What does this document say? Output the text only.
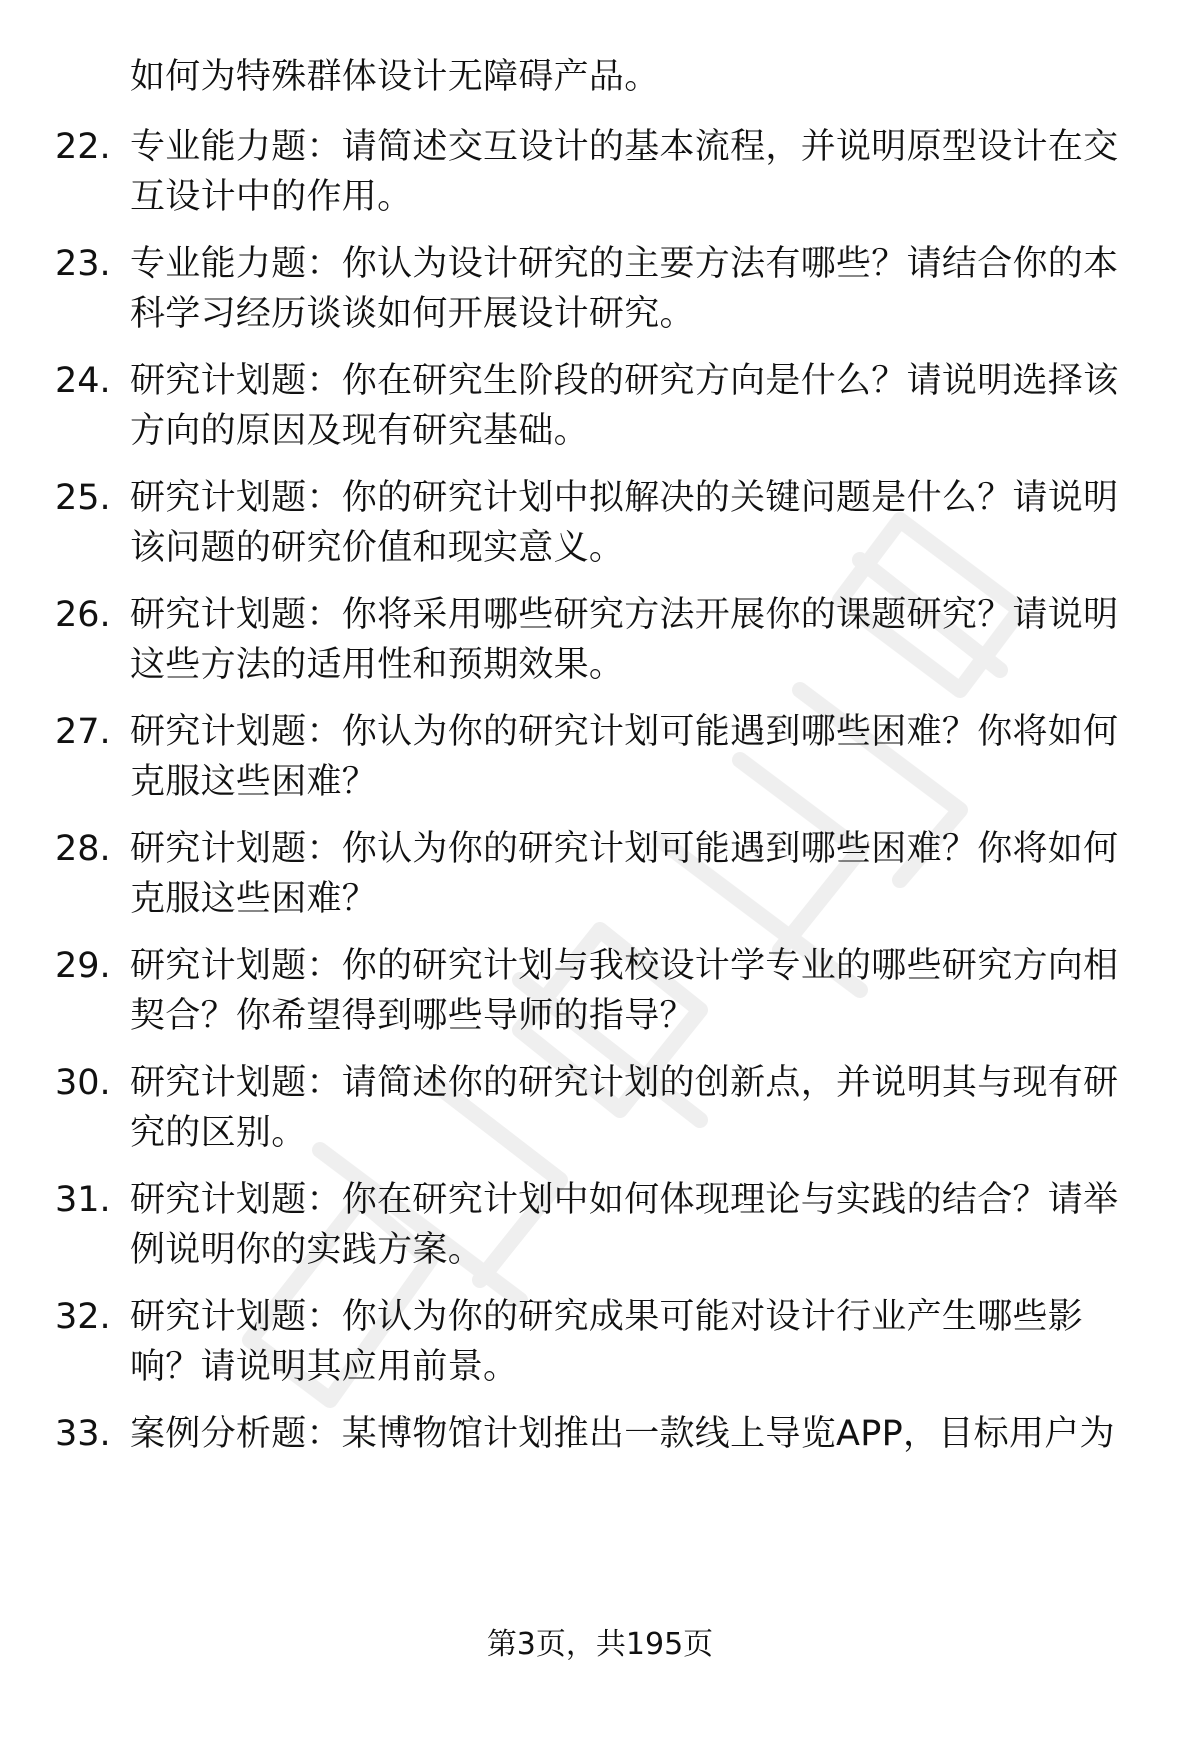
如何为特殊群体设计无障碍产品。
22. 专业能力题：请简述交互设计的基本流程，并说明原型设计在交
互设计中的作用。
23. 专业能力题：你认为设计研究的主要方法有哪些？请结合你的本
科学习经历谈谈如何开展设计研究。
24. 研究计划题：你在研究生阶段的研究方向是什么？请说明选择该
方向的原因及现有研究基础。
25. 研究计划题：你的研究计划中拟解决的关键问题是什么？请说明
该问题的研究价值和现实意义。
26. 研究计划题：你将采用哪些研究方法开展你的课题研究？请说明
这些方法的适用性和预期效果。
27. 研究计划题：你认为你的研究计划可能遇到哪些困难？你将如何
克服这些困难？
28. 研究计划题：你认为你的研究计划可能遇到哪些困难？你将如何
克服这些困难？
29. 研究计划题：你的研究计划与我校设计学专业的哪些研究方向相
契合？你希望得到哪些导师的指导？
30. 研究计划题：请简述你的研究计划的创新点，并说明其与现有研
究的区别。
31. 研究计划题：你在研究计划中如何体现理论与实践的结合？请举
例说明你的实践方案。
32. 研究计划题：你认为你的研究成果可能对设计行业产生哪些影
响？请说明其应用前景。
33. 案例分析题：某博物馆计划推出一款线上导览APP，目标用户为
第3页，共195页
